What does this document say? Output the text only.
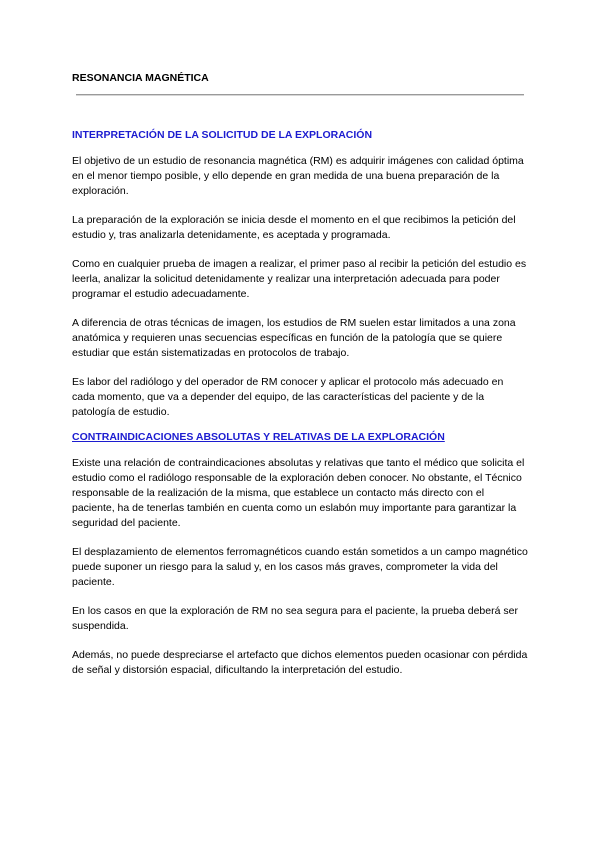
RESONANCIA MAGNÉTICA
INTERPRETACIÓN DE LA SOLICITUD DE LA EXPLORACIÓN

El objetivo de un estudio de resonancia magnética (RM) es adquirir imágenes con calidad óptima en el menor tiempo posible, y ello depende en gran medida de una buena preparación de la exploración.

La preparación de la exploración se inicia desde el momento en el que recibimos la petición del estudio y, tras analizarla detenidamente, es aceptada y programada.

Como en cualquier prueba de imagen a realizar, el primer paso al recibir la petición del estudio es leerla, analizar la solicitud detenidamente y realizar una interpretación adecuada para poder programar el estudio adecuadamente.

A diferencia de otras técnicas de imagen, los estudios de RM suelen estar limitados a una zona anatómica y requieren unas secuencias específicas en función de la patología que se quiere estudiar que están sistematizadas en protocolos de trabajo.

Es labor del radiólogo y del operador de RM conocer y aplicar el protocolo más adecuado en cada momento, que va a depender del equipo, de las características del paciente y de la patología de estudio.

CONTRAINDICACIONES ABSOLUTAS Y RELATIVAS DE LA EXPLORACIÓN

Existe una relación de contraindicaciones absolutas y relativas que tanto el médico que solicita el estudio como el radiólogo responsable de la exploración deben conocer. No obstante, el Técnico responsable de la realización de la misma, que establece un contacto más directo con el paciente, ha de tenerlas también en cuenta como un eslabón muy importante para garantizar la seguridad del paciente.

El desplazamiento de elementos ferromagnéticos cuando están sometidos a un campo magnético puede suponer un riesgo para la salud y, en los casos más graves, comprometer la vida del paciente.

En los casos en que la exploración de RM no sea segura para el paciente, la prueba deberá ser suspendida.

Además, no puede despreciarse el artefacto que dichos elementos pueden ocasionar con pérdida de señal y distorsión espacial, dificultando la interpretación del estudio.
